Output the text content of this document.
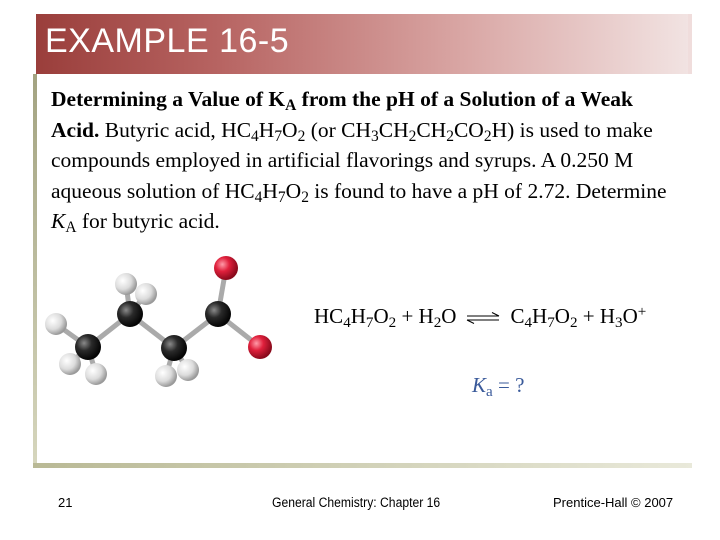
EXAMPLE 16-5
Determining a Value of $K_A$ from the pH of a Solution of a Weak Acid. Butyric acid, $HC_4H_7O_2$ (or $CH_3CH_2CH_2CO_2H$) is used to make compounds employed in artificial flavorings and syrups. A 0.250 M aqueous solution of $HC_4H_7O_2$ is found to have a pH of 2.72. Determine $K_A$ for butyric acid.
$HC_4H_7O_2 + H_2O$ ⇌ $C_4H_7O_2 + H_3O^+$
$K_a$ = ?
21	General Chemistry: Chapter 16	Prentice-Hall © 2007
